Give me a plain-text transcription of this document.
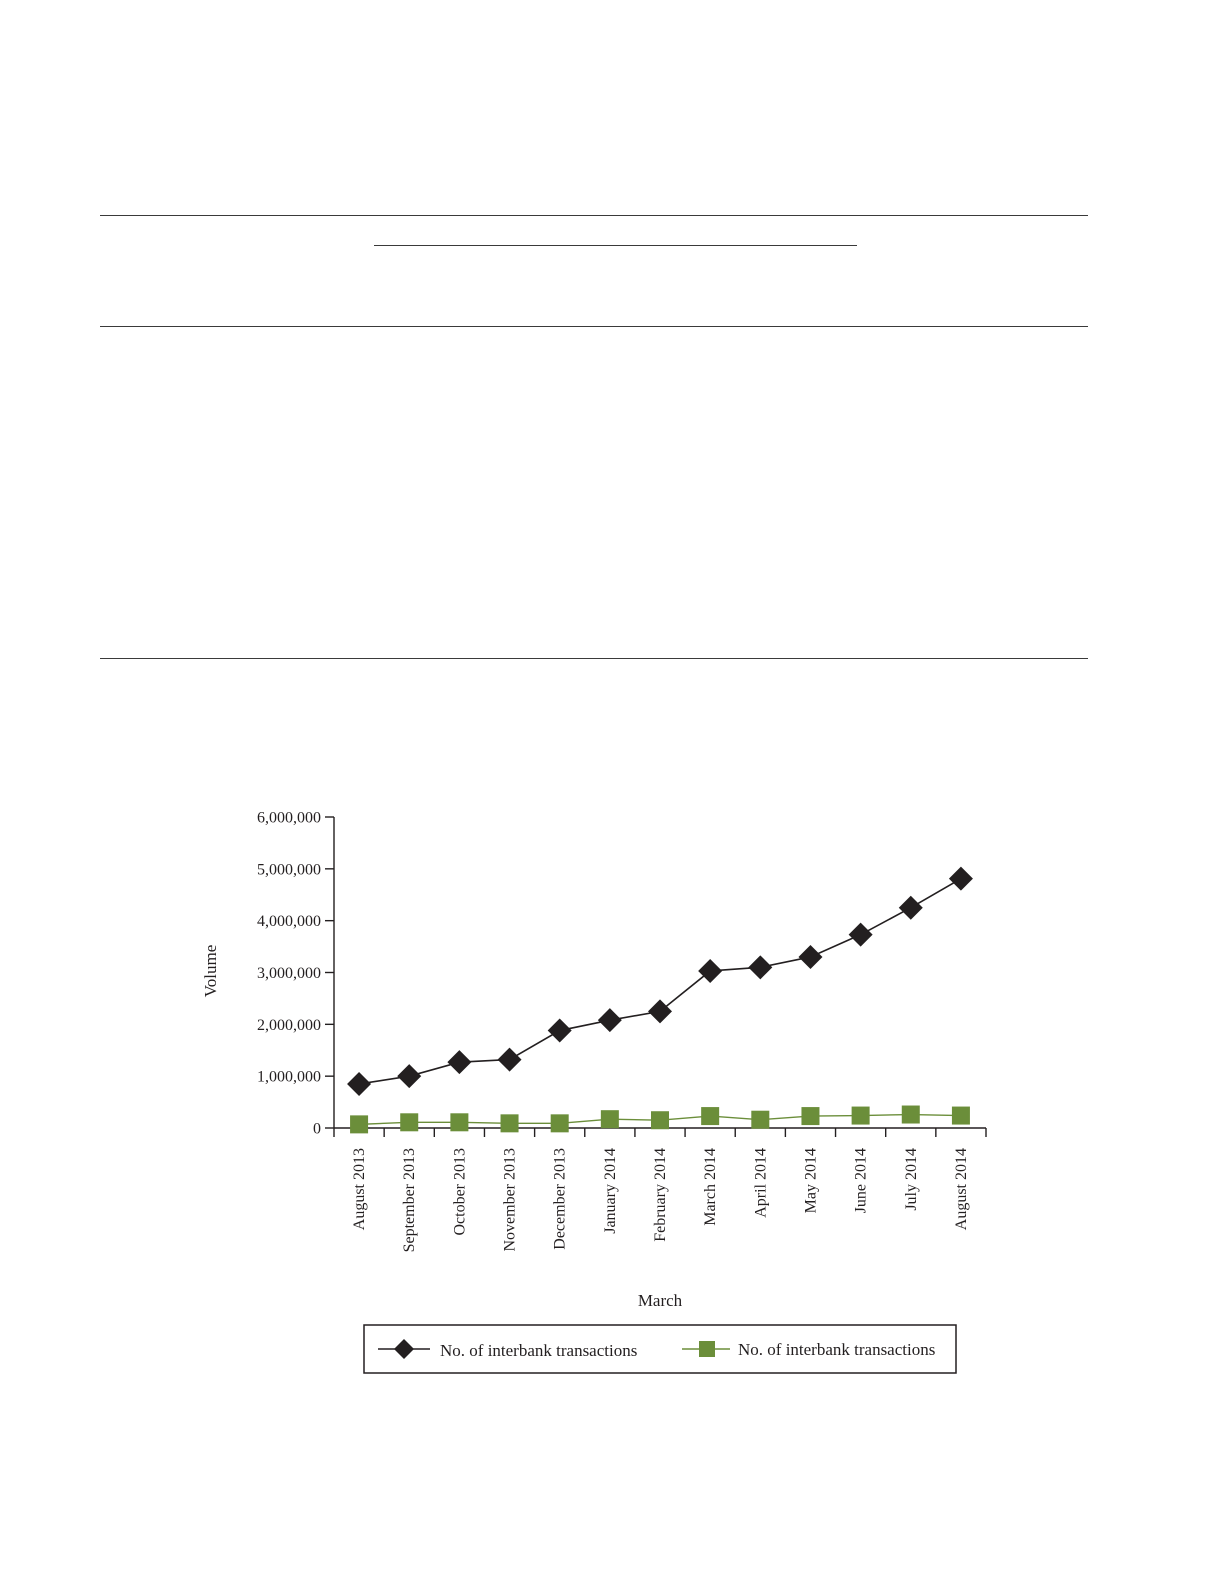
0
1,000,000
2,000,000
3,000,000
4,000,000
5,000,000
6,000,000
August 2013 September 2013 October 2013 November 2013 December 2013 January 2014 February 2014 March 2014 April 2014 May 2014 June 2014 July 2014 August 2014
Volume
March
No. of interbank transactions	No. of interbank transactions
